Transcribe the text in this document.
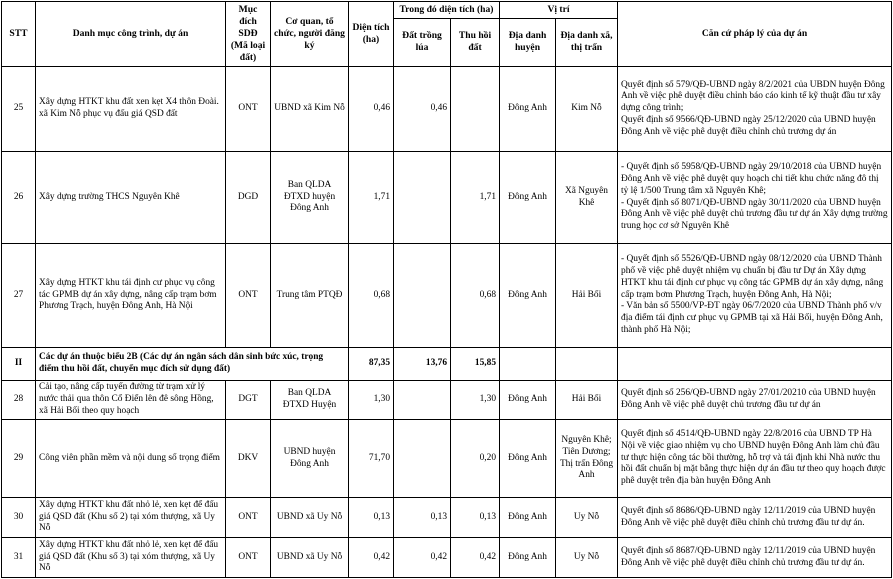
STT	Danh mục công trình, dự án	Mục đích SDĐ (Mã loại đất)	Cơ quan, tổ chức, người đăng ký	Diện tích (ha)	Trong đó diện tích (ha)		Vị trí		Căn cứ pháp lý của dự án
					Đất trồng lúa	Thu hồi đất	Địa danh huyện	Địa danh xã, thị trấn	
25	Xây dựng HTKT khu đất xen kẹt X4 thôn Đoài. xã Kim Nỗ phục vụ đấu giá QSD đất	ONT	UBND xã Kim Nỗ	0,46	0,46		Đông Anh	Kim Nỗ	Quyết định số 579/QĐ-UBND ngày 8/2/2021 của UBDN huyện Đông Anh về việc phê duyệt điều chỉnh báo cáo kinh tế kỹ thuật đầu tư xây dựng công trình;
Quyết định số 9566/QĐ-UBND ngày 25/12/2020 của UBND huyện Đông Anh về việc phê duyệt điều chỉnh chủ trương dự án

26	Xây dựng trường THCS Nguyên Khê	DGD	Ban QLDA ĐTXD huyện Đông Anh	1,71		1,71	Đông Anh	Xã Nguyên Khê	- Quyết định số 5958/QĐ-UBND ngày 29/10/2018 của UBND huyện Đông Anh về việc phê duyệt quy hoạch chi tiết khu chức năng đô thị tỷ lệ 1/500 Trung tâm xã Nguyên Khê;
- Quyết định số 8071/QĐ-UBND ngày 30/11/2020 của UBND huyện Đông Anh về việc phê duyệt chủ trương đầu tư dự án Xây dựng trường trung học cơ sở Nguyên Khê

27	Xây dựng HTKT khu tái định cư phục vụ công tác GPMB dự án xây dựng, nâng cấp trạm bơm Phương Trạch, huyện Đông Anh, Hà Nội	ONT	Trung tâm PTQĐ	0,68		0,68	Đông Anh	Hải Bối	- Quyết định số 5526/QĐ-UBND ngày 08/12/2020 của UBND Thành phố về việc phê duyệt nhiệm vụ chuẩn bị đầu tư Dự án Xây dựng HTKT khu tái định cư phục vụ công tác GPMB dự án xây dựng, nâng cấp trạm bơm Phương Trạch, huyện Đông Anh, Hà Nội;
- Văn bản số 5500/VP-ĐT ngày 06/7/2020 của UBND Thành phố v/v địa điểm tái định cư phục vụ GPMB tại xã Hải Bối, huyện Đông Anh, thành phố Hà Nội;

II	Các dự án thuộc biểu 2B (Các dự án ngân sách dân sinh bức xúc, trọng điểm thu hồi đất, chuyển mục đích sử dụng đất)			87,35	13,76	15,85			
28	Cải tạo, nâng cấp tuyến đường từ trạm xử lý nước thải qua thôn Cổ Điển lên đê sông Hồng, xã Hải Bối theo quy hoạch	DGT	Ban QLDA ĐTXD Huyện	1,30		1,30	Đông Anh	Hải Bối	Quyết định số 256/QĐ-UBND ngày 27/01/20210 của UBND huyện Đông Anh về việc phê duyệt chủ trương đầu tư dự án

29	Công viên phần mềm và nội dung số trọng điểm	DKV	UBND huyện Đông Anh	71,70		0,20	Đông Anh	Nguyên Khê; Tiên Dương; Thị trấn Đông Anh	Quyết định số 4514/QĐ-UBND ngày 22/8/2016 của UBND TP Hà Nội về việc giao nhiệm vụ cho UBND huyện Đông Anh làm chủ đầu tư thực hiện công tác bồi thường, hỗ trợ và tái định khi Nhà nước thu hồi đất chuẩn bị mặt bằng thực hiện dự án đầu tư theo quy hoạch được phê duyệt trên địa bàn huyện Đông Anh

30	Xây dựng HTKT khu đất nhỏ lẻ, xen kẹt để đấu giá QSD đất (Khu số 2) tại xóm thượng, xã Uy Nỗ	ONT	UBND xã Uy Nỗ	0,13	0,13	0,13	Đông Anh	Uy Nỗ	Quyết định số 8686/QĐ-UBND ngày 12/11/2019 của UBND huyện Đông Anh về việc phê duyệt điều chỉnh chủ trương đầu tư dự án.

31	Xây dựng HTKT khu đất nhỏ lẻ, xen kẹt để đấu giá QSD đất (Khu số 3) tại xóm thượng, xã Uy Nỗ	ONT	UBND xã Uy Nỗ	0,42	0,42	0,42	Đông Anh	Uy Nỗ	Quyết định số 8687/QĐ-UBND ngày 12/11/2019 của UBND huyện Đông Anh về việc phê duyệt điều chỉnh chủ trương đầu tư dự án.
